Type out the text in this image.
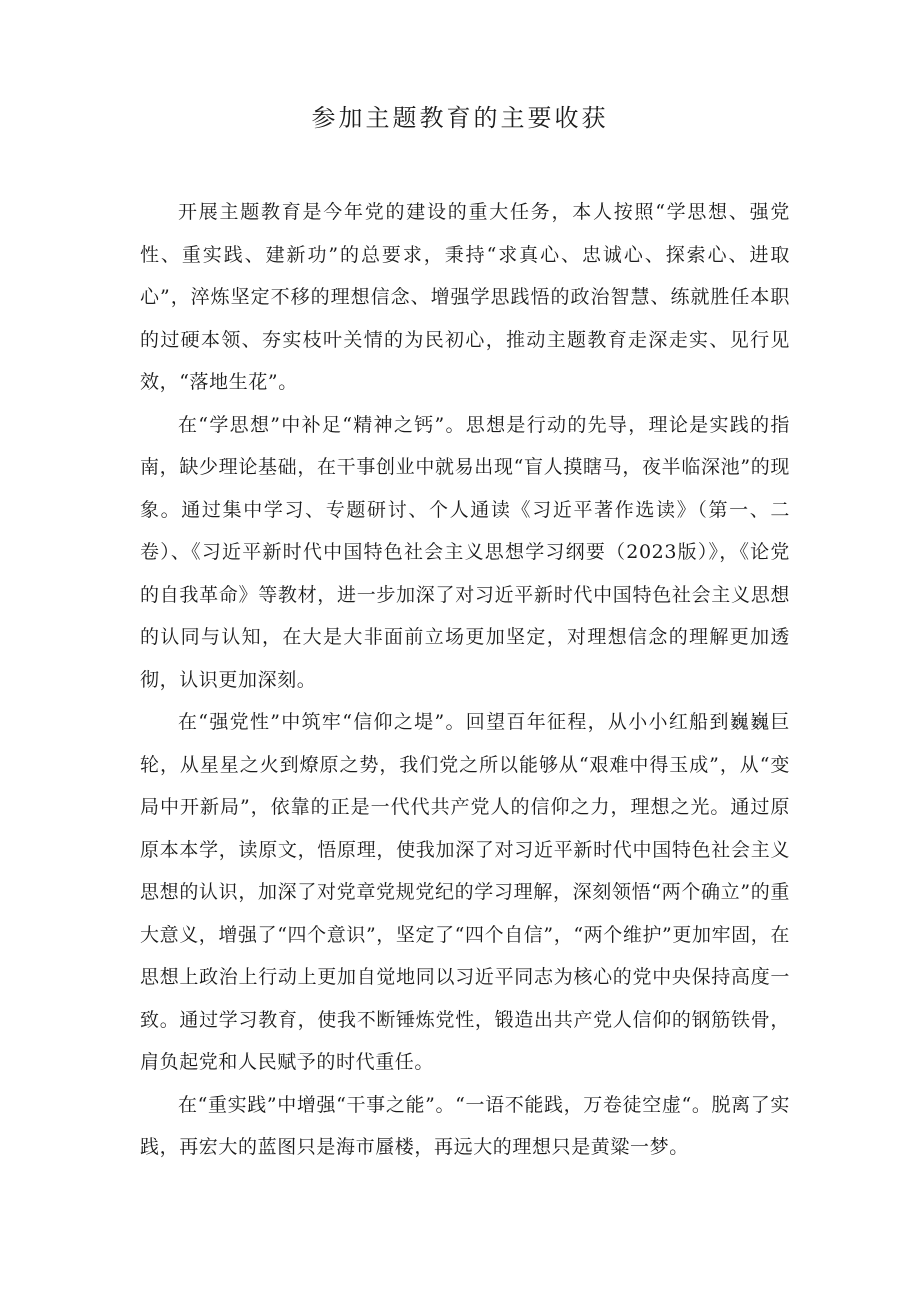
参加主题教育的主要收获

开展主题教育是今年党的建设的重大任务，本人按照“学思想、强党性、重实践、建新功”的总要求，秉持“求真心、忠诚心、探索心、进取心”，淬炼坚定不移的理想信念、增强学思践悟的政治智慧、练就胜任本职的过硬本领、夯实枝叶关情的为民初心，推动主题教育走深走实、见行见效，“落地生花”。

在“学思想”中补足“精神之钙”。思想是行动的先导，理论是实践的指南，缺少理论基础，在干事创业中就易出现“盲人摸瞎马，夜半临深池”的现象。通过集中学习、专题研讨、个人通读《习近平著作选读》（第一、二卷）、《习近平新时代中国特色社会主义思想学习纲要（2023版）》，《论党的自我革命》等教材，进一步加深了对习近平新时代中国特色社会主义思想的认同与认知，在大是大非面前立场更加坚定，对理想信念的理解更加透彻，认识更加深刻。

在“强党性”中筑牢“信仰之堤”。回望百年征程，从小小红船到巍巍巨轮，从星星之火到燎原之势，我们党之所以能够从“艰难中得玉成”，从“变局中开新局”，依靠的正是一代代共产党人的信仰之力，理想之光。通过原原本本学，读原文，悟原理，使我加深了对习近平新时代中国特色社会主义思想的认识，加深了对党章党规党纪的学习理解，深刻领悟“两个确立”的重大意义，增强了“四个意识”，坚定了“四个自信”，“两个维护”更加牢固，在思想上政治上行动上更加自觉地同以习近平同志为核心的党中央保持高度一致。通过学习教育，使我不断锤炼党性，锻造出共产党人信仰的钢筋铁骨，肩负起党和人民赋予的时代重任。

在“重实践”中增强“干事之能”。“一语不能践，万卷徒空虚“。脱离了实践，再宏大的蓝图只是海市蜃楼，再远大的理想只是黄粱一梦。
